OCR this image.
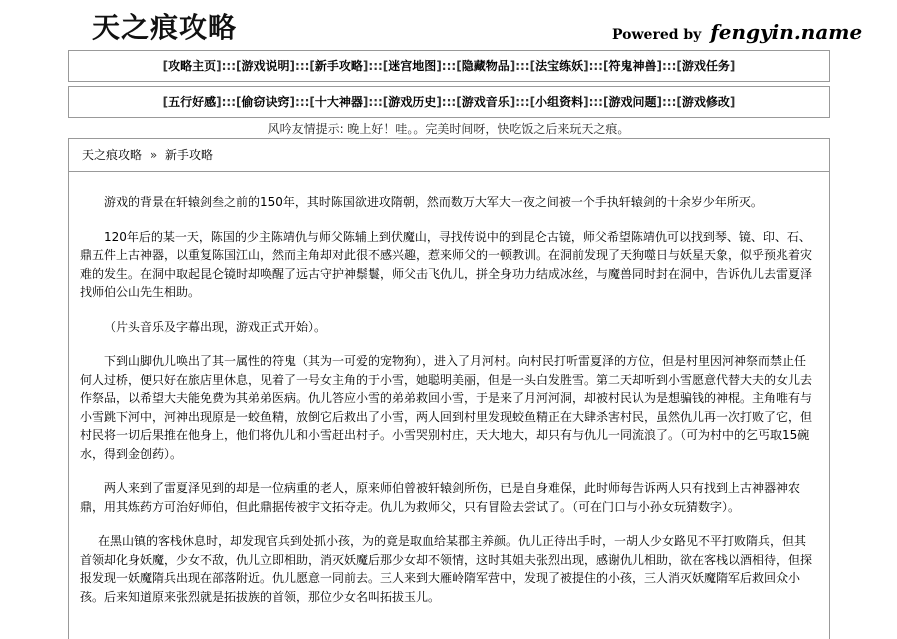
天之痕攻略	Powered by fengyin.name
[攻略主页]:::[游戏说明]:::[新手攻略]:::[迷宫地图]:::[隐藏物品]:::[法宝练妖]:::[符鬼神兽]:::[游戏任务]
[五行好感]:::[偷窃诀窍]:::[十大神器]:::[游戏历史]:::[游戏音乐]:::[小组资料]:::[游戏问题]:::[游戏修改]
风吟友情提示: 晚上好！哇。。完美时间呀，快吃饭之后来玩天之痕。
天之痕攻略 » 新手攻略

游戏的背景在轩辕剑叁之前的150年，其时陈国欲进攻隋朝，然而数万大军大一夜之间被一个手执轩辕剑的十余岁少年所灭。

120年后的某一天，陈国的少主陈靖仇与师父陈辅上到伏魔山，寻找传说中的到昆仑古镜，师父希望陈靖仇可以找到琴、镜、印、石、鼎五件上古神器，以重复陈国江山，然而主角却对此很不感兴趣，惹来师父的一顿教训。在洞前发现了天狗噬日与妖星天象，似乎预兆着灾难的发生。在洞中取起昆仑镜时却唤醒了远古守护神鬃鬟，师父击飞仇儿，拼全身功力结成冰丝，与魔兽同时封在洞中，告诉仇儿去雷夏泽找师伯公山先生相助。

（片头音乐及字幕出现，游戏正式开始）。

下到山脚仇儿唤出了其一属性的符鬼（其为一可爱的宠物狗），进入了月河村。向村民打听雷夏泽的方位，但是村里因河神祭而禁止任何人过桥，便只好在旅店里休息，见着了一号女主角的于小雪，她聪明美丽，但是一头白发胜雪。第二天却听到小雪愿意代替大夫的女儿去作祭品，以希望大夫能免费为其弟弟医病。仇儿答应小雪的弟弟救回小雪，于是来了月河河洞，却被村民认为是想骗钱的神棍。主角唯有与小雪跳下河中，河神出现原是一蛟鱼精，放倒它后救出了小雪，两人回到村里发现蛟鱼精正在大肆杀害村民，虽然仇儿再一次打败了它，但村民将一切后果推在他身上，他们将仇儿和小雪赶出村子。小雪哭别村庄，天大地大，却只有与仇儿一同流浪了。（可为村中的乞丐取15碗水，得到金创药）。

两人来到了雷夏泽见到的却是一位病重的老人，原来师伯曾被轩辕剑所伤，已是自身难保，此时师每告诉两人只有找到上古神器神农鼎，用其炼药方可治好师伯，但此鼎据传被宇文拓夺走。仇儿为救师父，只有冒险去尝试了。（可在门口与小孙女玩猜数字）。

在黑山镇的客栈休息时，却发现官兵到处抓小孩，为的竟是取血给某郡主养颜。仇儿正待出手时，一胡人少女路见不平打败隋兵，但其首领却化身妖魔，少女不敌，仇儿立即相助，消灭妖魔后那少女却不领情，这时其姐夫张烈出现，感谢仇儿相助，欲在客栈以酒相待，但探报发现一妖魔隋兵出现在部落附近。仇儿愿意一同前去。三人来到大雁岭隋军营中，发现了被提住的小孩，三人消灭妖魔隋军后救回众小孩。后来知道原来张烈就是拓拔族的首领，那位少女名叫拓拔玉儿。
